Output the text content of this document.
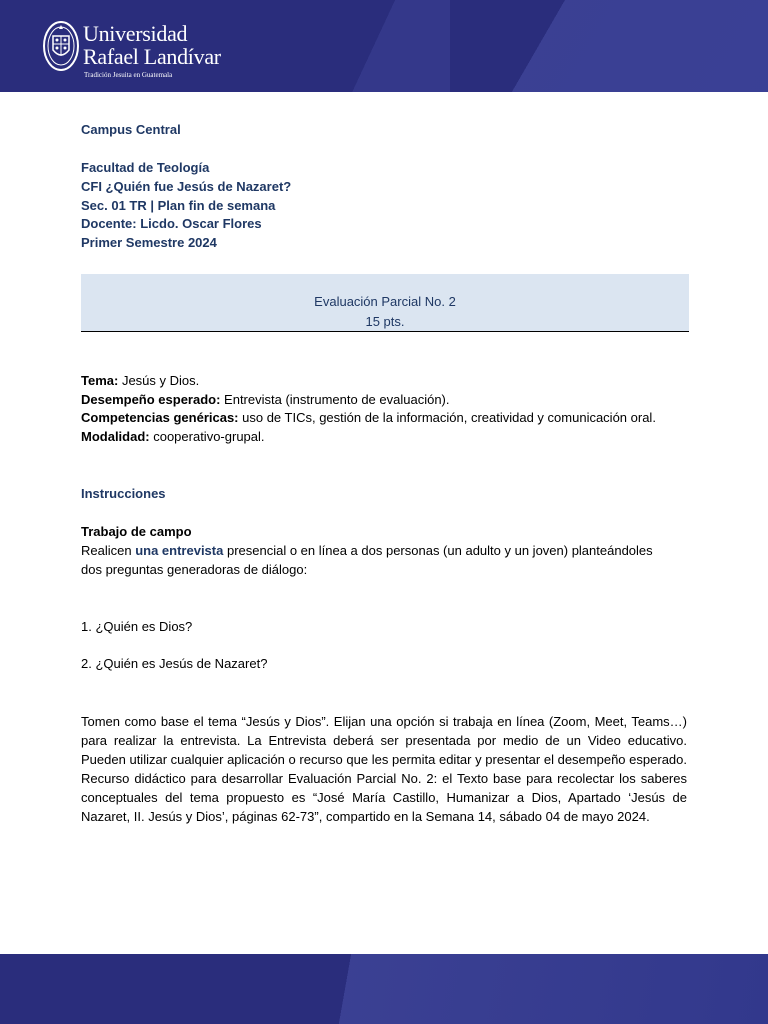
Universidad
Rafael Landívar
Tradición Jesuita en Guatemala
Campus Central
Facultad de Teología
CFI ¿Quién fue Jesús de Nazaret?
Sec. 01 TR | Plan fin de semana
Docente: Licdo. Oscar Flores
Primer Semestre 2024
Evaluación Parcial No. 2
15 pts.
Tema: Jesús y Dios.
Desempeño esperado: Entrevista (instrumento de evaluación).
Competencias genéricas: uso de TICs, gestión de la información, creatividad y comunicación oral.
Modalidad: cooperativo-grupal.
Instrucciones
Trabajo de campo
Realicen una entrevista presencial o en línea a dos personas (un adulto y un joven) planteándoles
dos preguntas generadoras de diálogo:
1. ¿Quién es Dios?
2. ¿Quién es Jesús de Nazaret?
Tomen como base el tema “Jesús y Dios”. Elijan una opción si trabaja en línea (Zoom, Meet, Teams…) para realizar la entrevista. La Entrevista deberá ser presentada por medio de un Video educativo. Pueden utilizar cualquier aplicación o recurso que les permita editar y presentar el desempeño esperado. Recurso didáctico para desarrollar Evaluación Parcial No. 2: el Texto base para recolectar los saberes conceptuales del tema propuesto es “José María Castillo, Humanizar a Dios, Apartado ‘Jesús de Nazaret, II. Jesús y Dios’, páginas 62-73”, compartido en la Semana 14, sábado 04 de mayo 2024.
